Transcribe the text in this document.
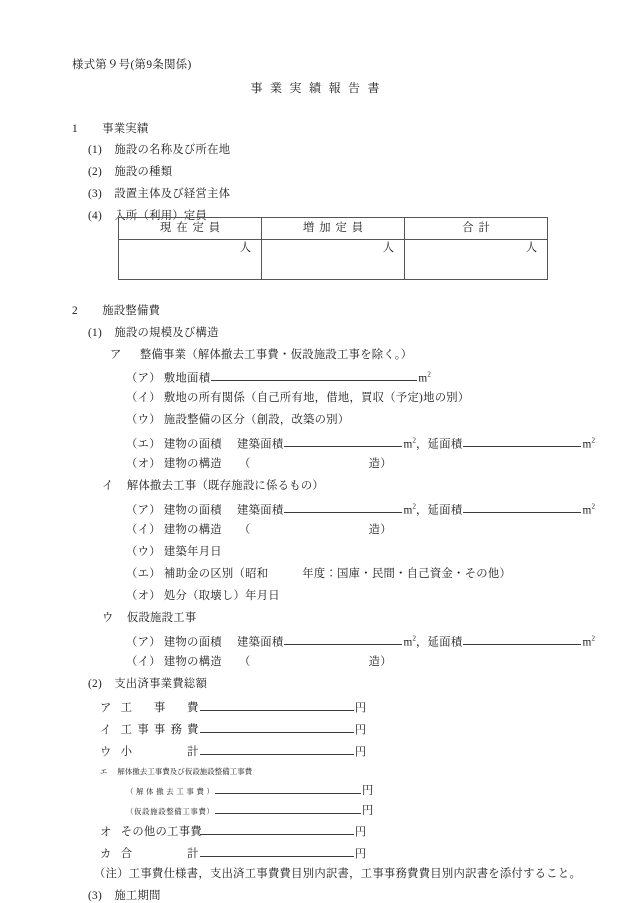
様式第９号(第9条関係)
事業実績報告書
1 事業実績
(1) 施設の名称及び所在地
(2) 施設の種類
(3) 設置主体及び経営主体
(4) 入所（利用）定員
現在定員	増加定員	合計
人	人	人
2 施設整備費
(1) 施設の規模及び構造
ア 整備事業（解体撤去工事費・仮設施設工事を除く。）
（ア） 敷地面積	$m^2$
（イ） 敷地の所有関係（自己所有地，借地，買収（予定)地の別）
（ウ） 施設整備の区分（創設，改築の別）
（エ） 建物の面積 建築面積	$m^2$，延面積	$m^2$
（オ） 建物の構造 （	造）
イ 解体撤去工事（既存施設に係るもの）
（ア） 建物の面積 建築面積	$m^2$，延面積	$m^2$
（イ） 建物の構造 （	造）
（ウ） 建築年月日
（エ） 補助金の区別（昭和	年度：国庫・民間・自己資金・その他）
（オ） 処分（取壊し）年月日
ウ 仮設施設工事
（ア） 建物の面積 建築面積	$m^2$，延面積	$m^2$
（イ） 建物の構造 （	造）
(2) 支出済事業費総額
ア 工事費	円
イ 工事事務費	円
ウ 小計	円
エ 解体撤去工事費及び仮設施設整備工事費
（解体撤去工事費）	円
（仮設施設整備工事費）	円
オ その他の工事費	円
カ 合計	円
（注）工事費仕様書，支出済工事費費目別内訳書，工事事務費費目別内訳書を添付すること。
(3) 施工期間
